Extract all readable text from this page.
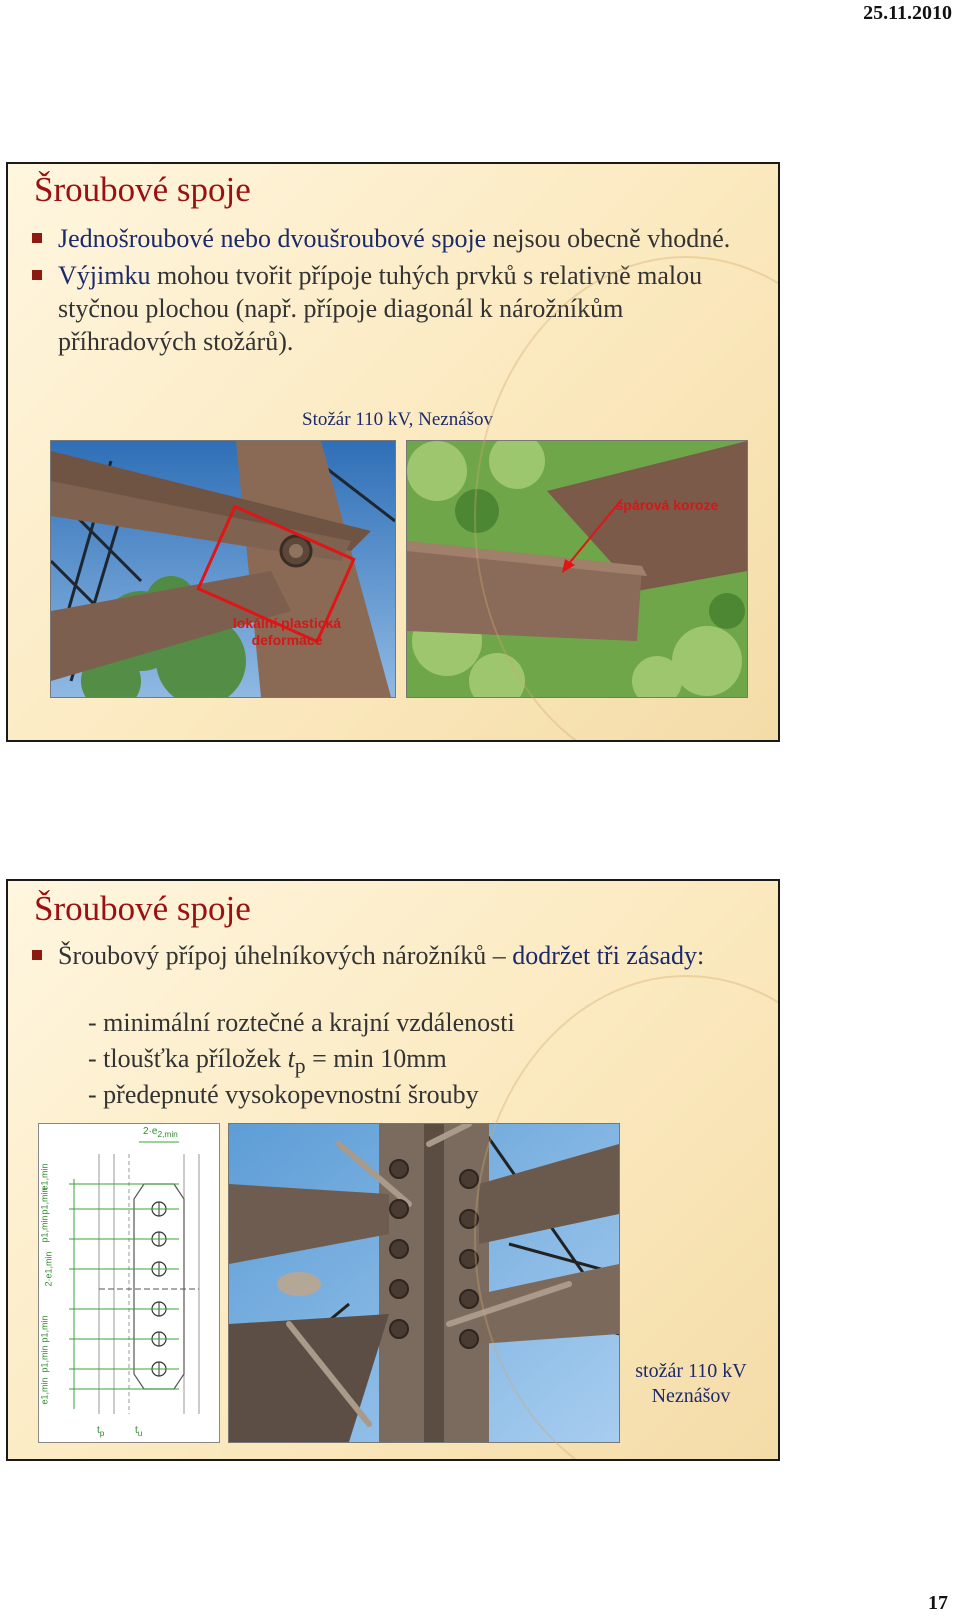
25.11.2010
Šroubové spoje
Jednošroubové nebo dvoušroubové spoje nejsou obecně vhodné.
Výjimku mohou tvořit přípoje tuhých prvků s relativně malou styčnou plochou (např. přípoje diagonál k nárožníkům příhradových stožárů).
Stožár 110 kV, Neznášov
lokální plastická
deformace
spárová koroze
Šroubové spoje
Šroubový přípoj úhelníkových nárožníků – dodržet tři zásady:
- minimální roztečné a krajní vzdálenosti
- tloušťka příložek $t_p = \min 10mm$
- předepnuté vysokopevnostní šrouby
$2\cdot e_{2,min}$
e1,min
p1,min
p1,min
2·e1,min
p1,min
p1,min
e1,min
$t_p$	$t_u$
stožár 110 kV
Neznášov
17
